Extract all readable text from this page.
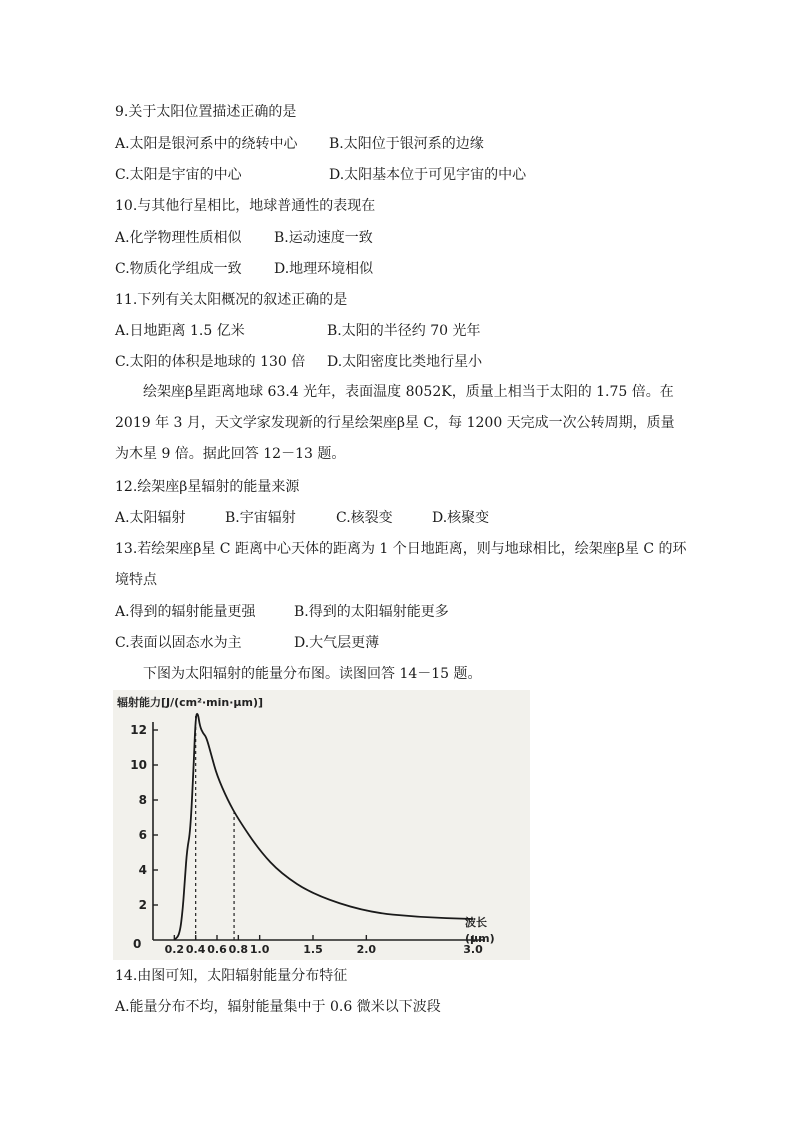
9.关于太阳位置描述正确的是
A.太阳是银河系中的绕转中心 B.太阳位于银河系的边缘
C.太阳是宇宙的中心	D.太阳基本位于可见宇宙的中心
10.与其他行星相比，地球普通性的表现在
A.化学物理性质相似 B.运动速度一致
C.物质化学组成一致 D.地理环境相似
11.下列有关太阳概况的叙述正确的是
A.日地距离 1.5 亿米	B.太阳的半径约 70 光年
C.太阳的体积是地球的 130 倍 D.太阳密度比类地行星小
绘架座β星距离地球 63.4 光年，表面温度 8052K，质量上相当于太阳的 1.75 倍。在 2019 年 3 月，天文学家发现新的行星绘架座β星 C，每 1200 天完成一次公转周期，质量为木星 9 倍。据此回答 12－13 题。
12.绘架座β星辐射的能量来源
A.太阳辐射	B.宇宙辐射	C.核裂变	D.核聚变
13.若绘架座β星 C 距离中心天体的距离为 1 个日地距离，则与地球相比，绘架座β星 C 的环
境特点
A.得到的辐射能量更强	B.得到的太阳辐射能更多
C.表面以固态水为主	D.大气层更薄
下图为太阳辐射的能量分布图。读图回答 14－15 题。
辐射能力[J/(cm²·min·μm)]
波长
(μm)
0
2
4
6
8
10
12
0.2 0.4 0.6 0.8 1.0	1.5	2.0	3.0
14.由图可知，太阳辐射能量分布特征
A.能量分布不均，辐射能量集中于 0.6 微米以下波段
